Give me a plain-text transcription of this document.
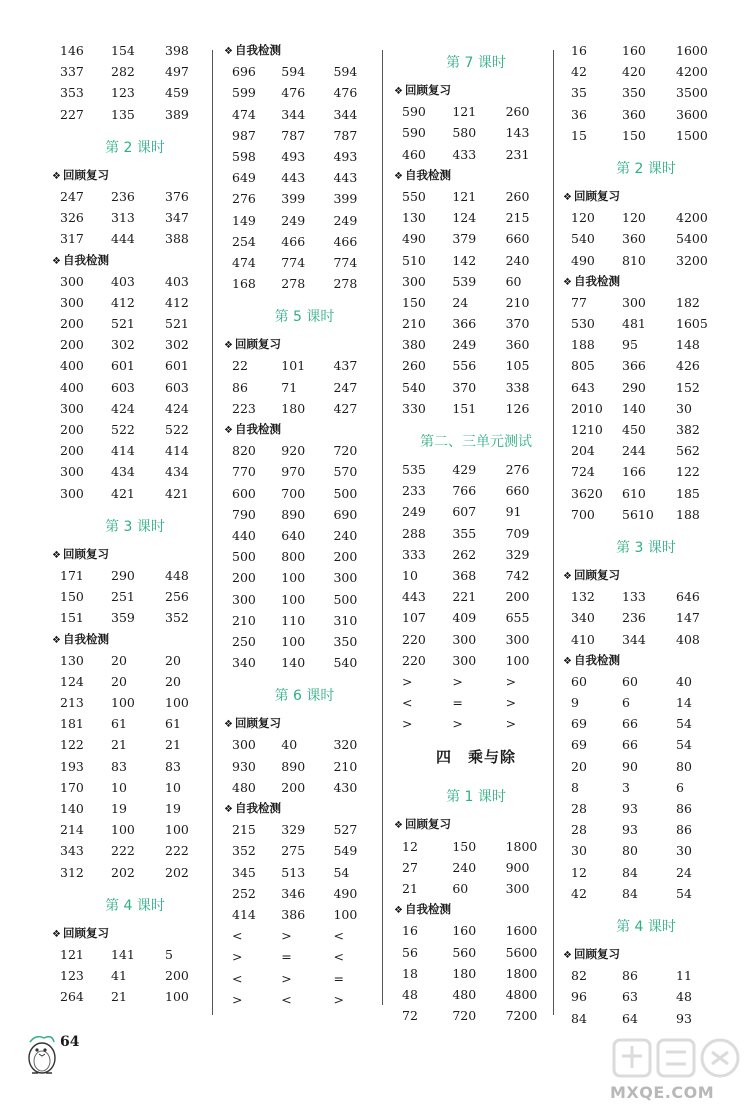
146	154	398
337	282	497
353	123	459
227	135	389
第 2 课时
❖ 回顾复习
247	236	376
326	313	347
317	444	388
❖ 自我检测
300	403	403
300	412	412
200	521	521
200	302	302
400	601	601
400	603	603
300	424	424
200	522	522
200	414	414
300	434	434
300	421	421
第 3 课时
❖ 回顾复习
171	290	448
150	251	256
151	359	352
❖ 自我检测
130	20	20
124	20	20
213	100	100
181	61	61
122	21	21
193	83	83
170	10	10
140	19	19
214	100	100
343	222	222
312	202	202
第 4 课时
❖ 回顾复习
121	141	5
123	41	200
264	21	100
❖ 自我检测
696	594	594
599	476	476
474	344	344
987	787	787
598	493	493
649	443	443
276	399	399
149	249	249
254	466	466
474	774	774
168	278	278
第 5 课时
❖ 回顾复习
22	101	437
86	71	247
223	180	427
❖ 自我检测
820	920	720
770	970	570
600	700	500
790	890	690
440	640	240
500	800	200
200	100	300
300	100	500
210	110	310
250	100	350
340	140	540
第 6 课时
❖ 回顾复习
300	40	320
930	890	210
480	200	430
❖ 自我检测
215	329	527
352	275	549
345	513	54
252	346	490
414	386	100
<	>	<
>	=	<
<	>	=
>	<	>
第 7 课时
❖ 回顾复习
590	121	260
590	580	143
460	433	231
❖ 自我检测
550	121	260
130	124	215
490	379	660
510	142	240
300	539	60
150	24	210
210	366	370
380	249	360
260	556	105
540	370	338
330	151	126
第二、三单元测试
535	429	276
233	766	660
249	607	91
288	355	709
333	262	329
10	368	742
443	221	200
107	409	655
220	300	300
220	300	100
>	>	>
<	=	>
>	>	>
四　乘与除
第 1 课时
❖ 回顾复习
12	150	1800
27	240	900
21	60	300
❖ 自我检测
16	160	1600
56	560	5600
18	180	1800
48	480	4800
72	720	7200
16	160	1600
42	420	4200
35	350	3500
36	360	3600
15	150	1500
第 2 课时
❖ 回顾复习
120	120	4200
540	360	5400
490	810	3200
❖ 自我检测
77	300	182
530	481	1605
188	95	148
805	366	426
643	290	152
2010	140	30
1210	450	382
204	244	562
724	166	122
3620	610	185
700	5610	188
第 3 课时
❖ 回顾复习
132	133	646
340	236	147
410	344	408
❖ 自我检测
60	60	40
9	6	14
69	66	54
69	66	54
20	90	80
8	3	6
28	93	86
28	93	86
30	80	30
12	84	24
42	84	54
第 4 课时
❖ 回顾复习
82	86	11
96	63	48
84	64	93
64
MXQE.COM
